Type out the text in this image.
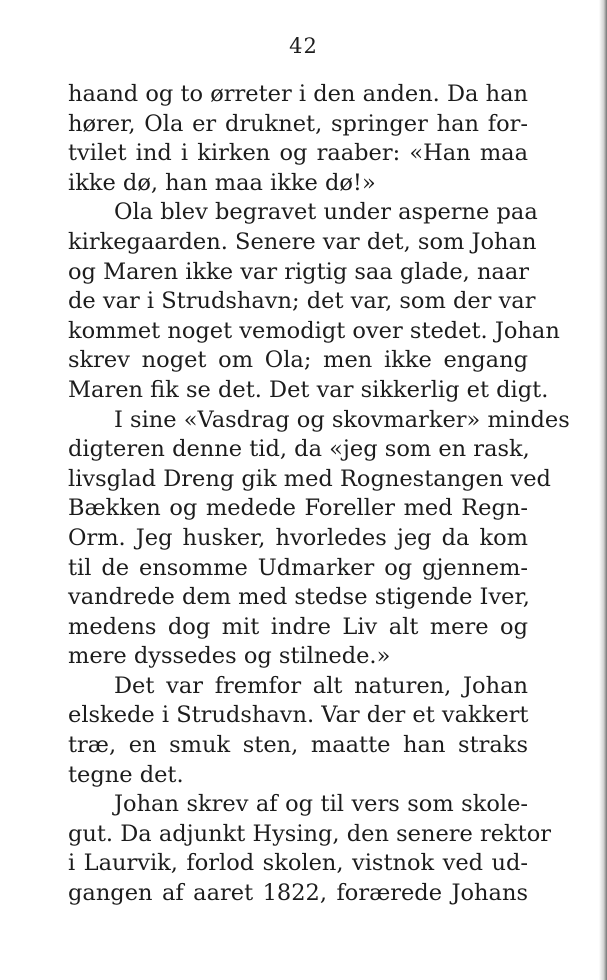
42
haand og to ørreter i den anden. Da han
hører, Ola er druknet, springer han for-
tvilet ind i kirken og raaber: «Han maa
ikke dø, han maa ikke dø!»
Ola blev begravet under asperne paa
kirkegaarden. Senere var det, som Johan
og Maren ikke var rigtig saa glade, naar
de var i Strudshavn; det var, som der var
kommet noget vemodigt over stedet. Johan
skrev noget om Ola; men ikke engang
Maren fik se det. Det var sikkerlig et digt.
I sine «Vasdrag og skovmarker» mindes
digteren denne tid, da «jeg som en rask,
livsglad Dreng gik med Rognestangen ved
Bækken og medede Foreller med Regn-
Orm. Jeg husker, hvorledes jeg da kom
til de ensomme Udmarker og gjennem-
vandrede dem med stedse stigende Iver,
medens dog mit indre Liv alt mere og
mere dyssedes og stilnede.»
Det var fremfor alt naturen, Johan
elskede i Strudshavn. Var der et vakkert
træ, en smuk sten, maatte han straks
tegne det.
Johan skrev af og til vers som skole-
gut. Da adjunkt Hysing, den senere rektor
i Laurvik, forlod skolen, vistnok ved ud-
gangen af aaret 1822, forærede Johans
